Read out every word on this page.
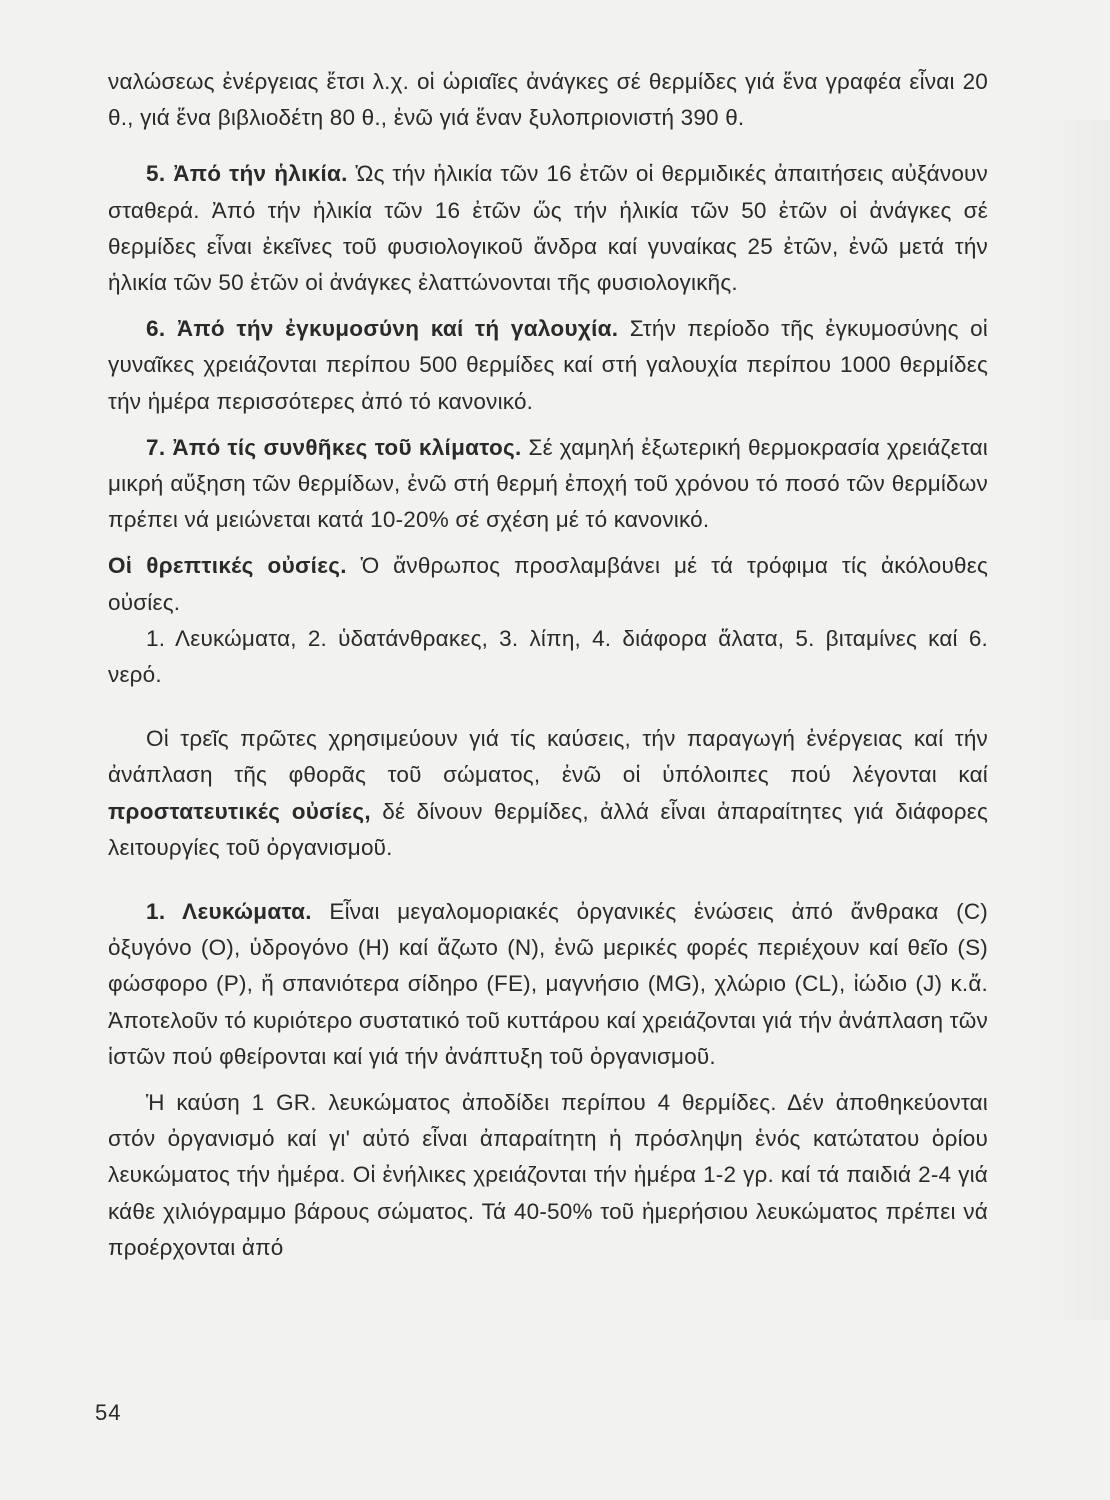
ναλώσεως ἐνέργειας ἔτσι λ.χ. οἱ ὡριαῖες ἀνάγκεϛ σέ θερμίδες γιά ἕνα γραφέα εἶναι 20 θ., γιά ἕνα βιβλιοδέτη 80 θ., ἐνῶ γιά ἕναν ξυλοπριονιστή 390 θ.

5. Ἀπό τήν ἡλικία. Ὡς τήν ἡλικία τῶν 16 ἐτῶν οἱ θερμιδικές ἀπαιτήσεις αὐξάνουν σταθερά. Ἀπό τήν ἡλικία τῶν 16 ἐτῶν ὥς τήν ἡλικία τῶν 50 ἐτῶν οἱ ἀνάγκες σέ θερμίδες εἶναι ἐκεῖνες τοῦ φυσιολογικοῦ ἄνδρα καί γυναίκας 25 ἐτῶν, ἐνῶ μετά τήν ἡλικία τῶν 50 ἐτῶν οἱ ἀνάγκες ἐλαττώνονται τῆς φυσιολογικῆς.

6. Ἀπό τήν ἐγκυμοσύνη καί τή γαλουχία. Στήν περίοδο τῆς ἐγκυμοσύνης οἱ γυναῖκες χρειάζονται περίπου 500 θερμίδες καί στή γαλουχία περίπου 1000 θερμίδες τήν ἡμέρα περισσότερες ἀπό τό κανονικό.

7. Ἀπό τίς συνθῆκες τοῦ κλίματος. Σέ χαμηλή ἐξωτερική θερμοκρασία χρειάζεται μικρή αὔξηση τῶν θερμίδων, ἐνῶ στή θερμή ἐποχή τοῦ χρόνου τό ποσό τῶν θερμίδων πρέπει νά μειώνεται κατά 10-20% σέ σχέση μέ τό κανονικό.

Οἱ θρεπτικές οὐσίες. Ὁ ἄνθρωπος προσλαμβάνει μέ τά τρόφιμα τίς ἀκόλουθες οὐσίες.

1. Λευκώματα, 2. ὑδατάνθρακες, 3. λίπη, 4. διάφορα ἅλατα, 5. βιταμίνες καί 6. νερό.

Οἱ τρεῖς πρῶτες χρησιμεύουν γιά τίς καύσεις, τήν παραγωγή ἐνέργειας καί τήν ἀνάπλαση τῆς φθορᾶς τοῦ σώματος, ἐνῶ οἱ ὑπόλοιπες πού λέγονται καί προστατευτικές οὐσίες, δέ δίνουν θερμίδες, ἀλλά εἶναι ἀπαραίτητες γιά διάφορες λειτουργίες τοῦ ὀργανισμοῦ.

1. Λευκώματα. Εἶναι μεγαλομοριακές ὀργανικές ἑνώσεις ἀπό ἄνθρακα (C) ὀξυγόνο (O), ὑδρογόνο (H) καί ἄζωτο (N), ἐνῶ μερικές φορές περιέχουν καί θεῖο (S) φώσφορο (P), ἤ σπανιότερα σίδηρο (FE), μαγνήσιο (MG), χλώριο (CL), ἰώδιο (J) κ.ἄ. Ἀποτελοῦν τό κυριότερο συστατικό τοῦ κυττάρου καί χρειάζονται γιά τήν ἀνάπλαση τῶν ἱστῶν πού φθείρονται καί γιά τήν ἀνάπτυξη τοῦ ὀργανισμοῦ.

Ἡ καύση 1 GR. λευκώματος ἀποδίδει περίπου 4 θερμίδες. Δέν ἀποθηκεύονται στόν ὀργανισμό καί γι' αὐτό εἶναι ἀπαραίτητη ἡ πρόσληψη ἑνός κατώτατου ὁρίου λευκώματος τήν ἡμέρα. Οἱ ἐνήλικες χρειάζονται τήν ἡμέρα 1-2 γρ. καί τά παιδιά 2-4 γιά κάθε χιλιόγραμμο βάρους σώματος. Τά 40-50% τοῦ ἡμερήσιου λευκώματος πρέπει νά προέρχονται ἀπό

54
